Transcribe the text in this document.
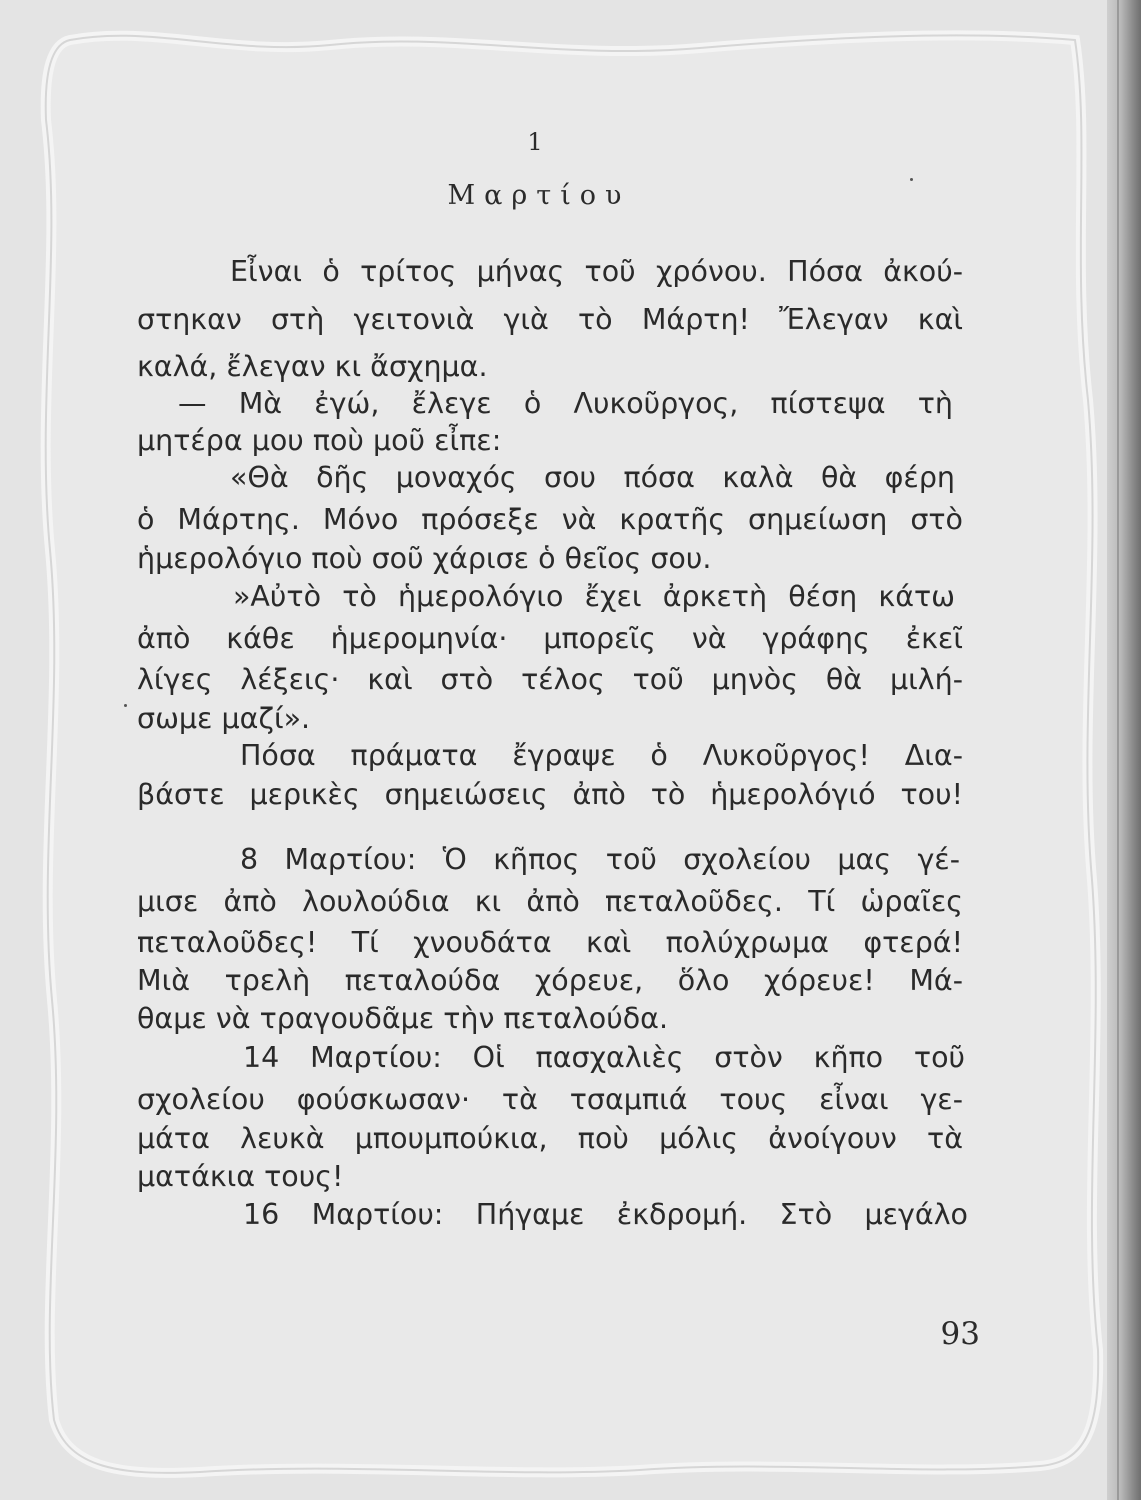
1
Μαρτίου
Εἶναι ὁ τρίτος μήνας τοῦ χρόνου. Πόσα ἀκού-
στηκαν στὴ γειτονιὰ γιὰ τὸ Μάρτη! Ἔλεγαν καὶ
καλά, ἔλεγαν κι ἄσχημα.
— Μὰ ἐγώ, ἔλεγε ὁ Λυκοῦργος, πίστεψα τὴ
μητέρα μου ποὺ μοῦ εἶπε:
«Θὰ δῆς μοναχός σου πόσα καλὰ θὰ φέρη
ὁ Μάρτης. Μόνο πρόσεξε νὰ κρατῆς σημείωση στὸ
ἡμερολόγιο ποὺ σοῦ χάρισε ὁ θεῖος σου.
»Αὐτὸ τὸ ἡμερολόγιο ἔχει ἀρκετὴ θέση κάτω
ἀπὸ κάθε ἡμερομηνία· μπορεῖς νὰ γράφης ἐκεῖ
λίγες λέξεις· καὶ στὸ τέλος τοῦ μηνὸς θὰ μιλή-
σωμε μαζί».
Πόσα πράματα ἔγραψε ὁ Λυκοῦργος! Δια-
βάστε μερικὲς σημειώσεις ἀπὸ τὸ ἡμερολόγιό του!
8 Μαρτίου: Ὁ κῆπος τοῦ σχολείου μας γέ-
μισε ἀπὸ λουλούδια κι ἀπὸ πεταλοῦδες. Τί ὡραῖες
πεταλοῦδες! Τί χνουδάτα καὶ πολύχρωμα φτερά!
Μιὰ τρελὴ πεταλούδα χόρευε, ὅλο χόρευε! Μά-
θαμε νὰ τραγουδᾶμε τὴν πεταλούδα.
14 Μαρτίου: Οἱ πασχαλιὲς στὸν κῆπο τοῦ
σχολείου φούσκωσαν· τὰ τσαμπιά τους εἶναι γε-
μάτα λευκὰ μπουμπούκια, ποὺ μόλις ἀνοίγουν τὰ
ματάκια τους!
16 Μαρτίου: Πήγαμε ἐκδρομή. Στὸ μεγάλο
93
